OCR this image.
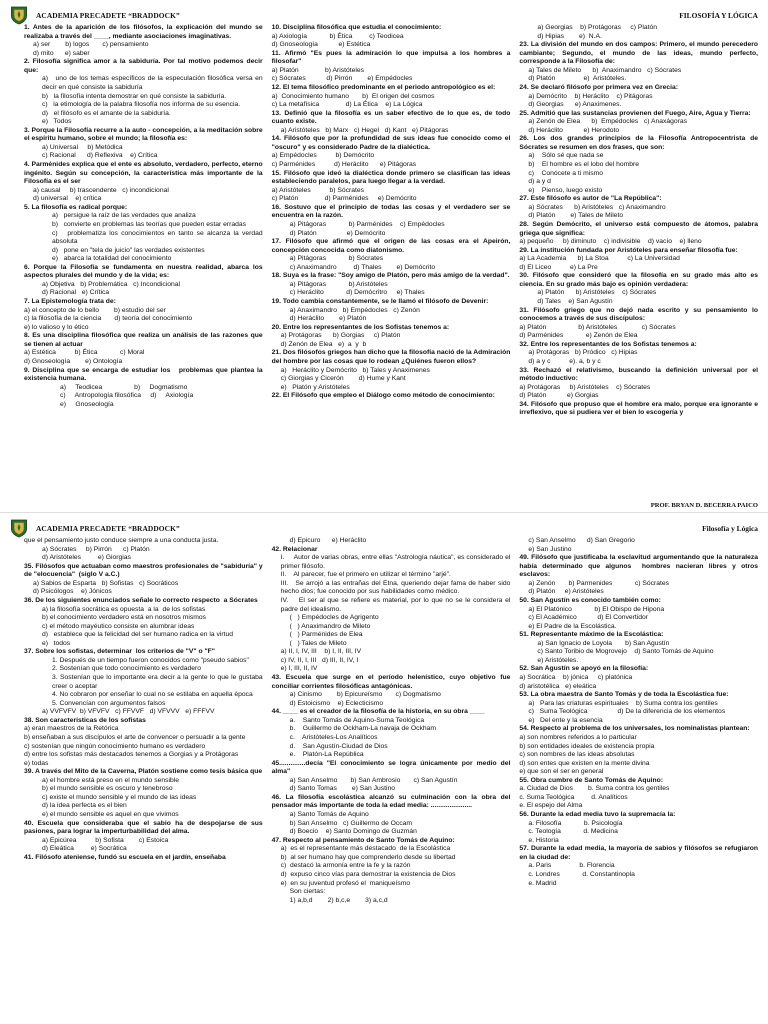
ACADEMIA PRECADETE “BRADDOCK”	FILOSOFÍA Y LÓGICA

1. Antes de la aparición de los filósofos, la explicación del mundo se realizaba a través del ____, mediante asociaciones imaginativas.

a) ser        b) logos       c) pensamiento

d) mito      e) saber

2. Filosofía significa amor a la sabiduría. Por tal motivo podemos decir que:

a)   uno de los temas específicos de la especulación filosófica versa en decir en qué consiste la sabiduría

b)   la filosofía intenta demostrar en qué consiste la sabiduría.

c)   la etimología de la palabra filosofía nos informa de su esencia.

d)   el filósofo es el amante de la sabiduría.

e)   Todos

3. Porque la Filosofía recurre a la auto - concepción, a la meditación sobre el espíritu humano, sobre el mundo; la filosofía es:

a) Universal     b) Metódica

c) Racional      d) Reflexiva    e) Crítica

4. Parménides explica que el ente es absoluto, verdadero, perfecto, eterno ingénito. Según su concepción, la característica más importante de la Filosofía es el ser

a) causal     b) trascendente   c) incondicional

d) universal    e) crítica

5. La filosofía es radical porque:

a)   persigue la raíz de las verdades que analiza

b)   convierte en problemas las teorías que pueden estar erradas

c)   problematiza los conocimientos en tanto se alcanza la verdad absoluta

d)   pone en "tela de juicio" las verdades existentes

e)   abarca la totalidad del conocimiento

6. Porque la Filosofía se fundamenta en nuestra realidad, abarca los aspectos plurales del mundo y de la vida; es:

a) Objetiva   b) Problemática   c) Incondicional

d) Racional   e) Crítica

7. La Epistemología trata de:

a) el concepto de lo bello        b) estudio del ser

c) la filosofía de la ciencia       d) teoría del conocimiento

e) lo valioso y lo ético

8. Es una disciplina filosófica que realiza un análisis de las razones que se tienen al actuar

a) Estética          b) Ética            c) Moral

d) Gnoseología        e) Ontología

9. Disciplina que se encarga de estudiar los   problemas que plantea la existencia humana.

a)     Teodicea                 b)     Dogmatismo

c)     Antropología filosófica     d)     Axiología

e)     Gnoseología

10. Disciplina filosófica que estudia el conocimiento:

a) Axiología            b) Ética         c) Teodicea

d) Gnoseología           e) Estética

11. Afirmó "Es pues la admiración lo que impulsa a los hombres a filosofar"

a) Platón              b) Aristóteles

c) Sócrates           d) Pirrón        e) Empédocles

12. El tema filosófico predominante en el periodo antropológico es el:

a)  Conocimiento humano       b)  El origen del cosmos

c) La metafísica              d) La Ética    e) La Lógica

13. Definió que la filosofía es un saber efectivo de lo que es, de todo cuanto existe.

a) Aristóteles   b) Marx   c) Hegel   d) Kant   e) Pitágoras

14. Filósofo que por la profundidad de sus ideas fue conocido como el "oscuro" y es considerado Padre de la dialéctica.

a) Empédocles          b) Demócrito

c) Parménides          d) Heráclito      e) Pitágoras

15. Filósofo que ideó la dialéctica donde primero se clasifican las ideas estableciendo paralelos, para luego llegar a la verdad.

a) Aristóteles          b) Sócrates

c) Platón              d) Parménides     e) Demócrito

16. Sostuvo que el principio de todas las cosas y el verdadero ser se encuentra en la razón.

a) Pitágoras            b) Parménides    c) Empédocles

d) Platón                e) Demócrito

17. Filósofo que afirmó que el origen de las cosas era el Apeirón, concepción concocida como diatonismo.

a) Pitágoras            b) Sócrates

c) Anaximandro         d) Thales        e) Demócrito

18. Suya es la frase: "Soy amigo de Platón, pero más amigo de la verdad".

a) Pitágoras            b) Aristóteles

c) Heráclito            d) Demócritro     e) Thales

19. Todo cambia constantemente, se le llamó el filósofo de Devenir:

a) Anaximandro   b) Empédocles   c) Zenón

d) Heráclito        e) Platón

20. Entre los representantes de los Sofistas tenemos a:

a) Protágoras      b) Gorgias     c) Platón

d) Zenón de Elea   e)  a  y  b

21. Dos filósofos griegos han dicho que la filosofía nació de la Admiración del hombre por las cosas que lo rodean ¿Quiénes fueron ellos?

a)   Heráclito y Demócrito   b) Tales y Anaximenes

c) Giorgias y Cicerón        d) Hume y Kant

e)   Platón y Aristóteles

22. El Filósofo que empleo el Diálogo como método de conocimiento:

a) Georgias    b) Protágoras     c) Platón

d) Hipias        e)  N.A.

23. La división del mundo en dos campos: Primero, el mundo perecedero cambiante; Segundo, el mundo de las ideas, mundo perfecto, corresponde a la Filosofía de:

a) Tales de Mileto      b)  Anaximandro   c) Sócrates

d) Platón               e)  Aristóteles.

24. Se declaró filósofo por primera vez en Grecia:

a) Demócrito    b) Heráclito    c) Pitágoras

d) Georgias      e) Anaximenes.

25. Admitió que las sustancias provienen del Fuego, Aire, Agua y Tierra:

a) Zenón de Elea      b)  Empédocles   c) Anaxágoras

d) Heráclito           e) Herodoto

26. Los dos grandes principios de la Filosofía Antropocentrista de Sócrates se resumen en dos frases, que son:

a)    Sólo sé que nada se

b)    El hombre es el lobo del hombre

c)    Conócete a ti mismo

d) a y d

e)    Pienso, luego existo

27. Este filósofo es autor de "La República":

a) Sócrates      b) Aristóteles   c) Anaximandro

d) Platón        e) Tales de Mileto

28. Según Demócrito, el universo está compuesto de átomos, palabra griega que significa:

a) pequeño     b) diminuto    c) indivisible    d) vacío    e) lleno

29. La institución fundada por Aristóteles para enseñar filosofía fue:

a) La Academia      b) La Stoa          c) La Universidad

d) El Liceo          e) La Pre

30. Filósofo que consideró que la filosofía en su grado más alto es ciencia. En su grado más bajo es opinión verdadera:

a) Platón      b) Aristóteles    c) Sócrates

d) Tales    e) San Agustín

31. Filósofo griego que no dejó nada escrito y su pensamiento lo conocemos a través de sus discípulos:

a) Platón                 b) Aristóteles             c) Sócrates

d) Parménides            e) Zenón de Elea

32. Entre los representantes de los Sofistas tenemos a:

a) Protágoras   b) Pródico   c) Hipias

d) a y c          e). a, b y c

33. Rechazó el relativismo, buscando la definición universal por el método inductivo:

a) Protágoras     b) Aristóteles    c) Sócrates

d) Platón           e) Gorgias

34. Filósofo que propuso que el hombre era malo, porque era ignorante e irreflexivo, que si pudiera ver el bien lo escogería y

PROF. BRYAN D. BECERRA PAICO
ACADEMIA PRECADETE “BRADDOCK”	Filosofía y Lógica

que el pensamiento justo conduce siempre a una conducta justa.

a) Sócrates     b) Pirrón      c) Platón

d) Aristóteles         e) Giorgias

35. Filósofos que actuaban como maestros profesionales de "sabiduría" y de "elocuencia"  (siglo V a.C.)

a) Sabios de Esparta   b) Sofistas   c) Socráticos

d) Psicólogos    e) Jónicos

36. De los siguientes enunciados señale lo correcto respecto  a Sócrates

a) la filosofía socrática es opuesta  a la  de los sofistas

b) el conocimiento verdadero está en nosotros mismos

c) el método mayéutico consiste en alumbrar ideas

d)   establece que la felicidad del ser humano radica en la virtud

e)   todos

37. Sobre los sofistas, determinar  los criterios de "V" o "F"

1. Después de un tiempo fueron conocidos como "pseudo sabios"

2. Sostenían que todo conocimiento es verdadero

3. Sostenían que lo importante era decir a la gente lo que le gustaba creer o aceptar

4. No cobraron por enseñar lo cual no se estilaba en aquella época

5. Convencían con argumentos falsos

a) VVFVFV  b) VFVFV   c) FFVVF   d) VFVVV   e) FFFVV

38. Son características de los sofistas

a) eran maestros de la Retórica

b) enseñaban a sus discípulos el arte de convencer o persuadir a la gente

c) sostenían que ningún conocimiento humano es verdadero

d) entre los sofistas más destacados tenemos a Gorgias y a Protágoras

e) todas

39. A través del Mito de la Caverna, Platón sostiene como tesis básica que

a) el hombre está preso en el mundo sensible

b) el mundo sensible es oscuro y tenebroso

c) existe el mundo sensible y el mundo de las ideas

d) la idea perfecta es el bien

e) el mundo sensible es aquel en que vivimos

40. Escuela que consideraba que el sabio ha de despojarse de sus pasiones, para lograr la imperturbabilidad del alma.

a) Epicúrea          b) Sofista        c) Estoica

d) Eleática         e) Socrática

41. Filósofo ateniense, fundó su escuela en el jardín, enseñaba

d) Epicuro      e) Heráclito

42. Relacionar

I.     Autor de varias obras, entre ellas "Astrología náutica", es considerado el primer filósofo.

II.    Al parecer, fue el primero en utilizar el término "arjé".

III.   Se arrojó a las entrañas del Etna, queriendo dejar fama de haber sido hecho dios; fue conocido por sus habilidades como médico.

IV.    El ser al que se refiere es material, por lo que no se le considera el padre del idealismo.

(   ) Empédocles de Agrigento

(   ) Anaximandro de Mileto

(   ) Parménides de Elea

(   ) Tales de Mileto

a) II, I, IV, III    b) I, II, III, IV

c) IV, II, I, III   d) III, II, IV, I

e) I, III, II, IV

43. Escuela que surge en el período helenístico, cuyo objetivo fue conciliar corrientes filosóficas antagónicas.

a) Cinismo        b) Epicureísmo       c) Dogmatismo

d) Estoicismo    e) Eclecticismo

44. ____ es el creador de la filosofía de la historia, en su obra ____

a.    Santo Tomás de Aquino-Suma Teológica

b.    Guillermo de Ockham-La navaja de Ockham

c.    Aristóteles-Los Analíticos

d.    San Agustín-Ciudad de Dios

e.    Platón-La República

45..............decía "El conocimiento se logra únicamente por medio del alma"

a) San Anselmo       b) San Ambrosio       c) San Agustín

d) Santo Tomas        e) San Justino

46. La filosofía escolástica alcanzó su culminación con la obra del pensador más importante de toda la edad media: ......................

a) Santo Tomás de Aquino

b) San Anselmo   c) Guillermo de Occam

d) Boecio    e) Santo Domingo de Guzmán

47. Respecto al pensamiento de Santo Tomás de Aquino:

a)  es el representante más destacado  de la Escolástica

b)  al ser humano hay que comprenderlo desde su libertad

c)  destacó la armonía entre la fe y la razón

d)  expuso cinco vías para demostrar la existencia de Dios

e)  en su juventud profesó el  maniqueísmo

Son ciertas:

1) a,b,d        2) b,c,e        3) a,c,d

c) San Anselmo      d) San Gregorio

e) San Justino

49. Filósofo que justificaba la esclavitud argumentando que la naturaleza había determinado que algunos  hombres nacieran libres y otros esclavos:

a) Zenón       b) Parmenides            c) Sócrates

d) Platón     e) Aristóteles

50. San Agustín es conocido también como:

a) El Platónico            b) El Obispo de Hipona

c) El Académico           d) El Convertidor

e) El Padre de la Escolástica.

51. Representante máximo de la Escolástica:

a) San Ignacio de Loyola       b) San Agustín

c) Santo Toribio de Mogrovejo    d) Santo Tomás de Aquino

e) Aristóteles.

52. San Agustín se apoyó en la filosofía:

a) Socrática    b) jónica     c) platónica

d) aristotélica   e) eleática

53. La obra maestra de Santo Tomás y de toda la Escolástica fue:

a)   Para las criaturas espirituales    b) Suma contra los gentiles

c)   Suma Teológica                d) De la diferencia de los elementos

e)   Del ente y la esencia

54. Respecto al problema de los universales, los nominalistas plantean:

a) son nombres referidos a lo particular

b) son entidades ideales de existencia propia

c) son nombres de las ideas absolutas

d) son entes que existen en la mente divina

e) que son el ser en general

55. Obra cumbre de Santo Tomás de Aquino:

a. Ciudad de Dios        b. Suma contra los gentiles

c. Suma Teológica         d. Analíticos

e. El espejo del Alma

56. Durante la edad media tuvo la supremacía la:

a. Filosofía            b. Psicología

c. Teología            d. Medicina

e. Historia

57. Durante la edad media, la mayoría de sabios y filósofos se refugiaron en la ciudad de:

a. Paris               b. Florencia

c. Londres            d. Constantinopla

e. Madrid
